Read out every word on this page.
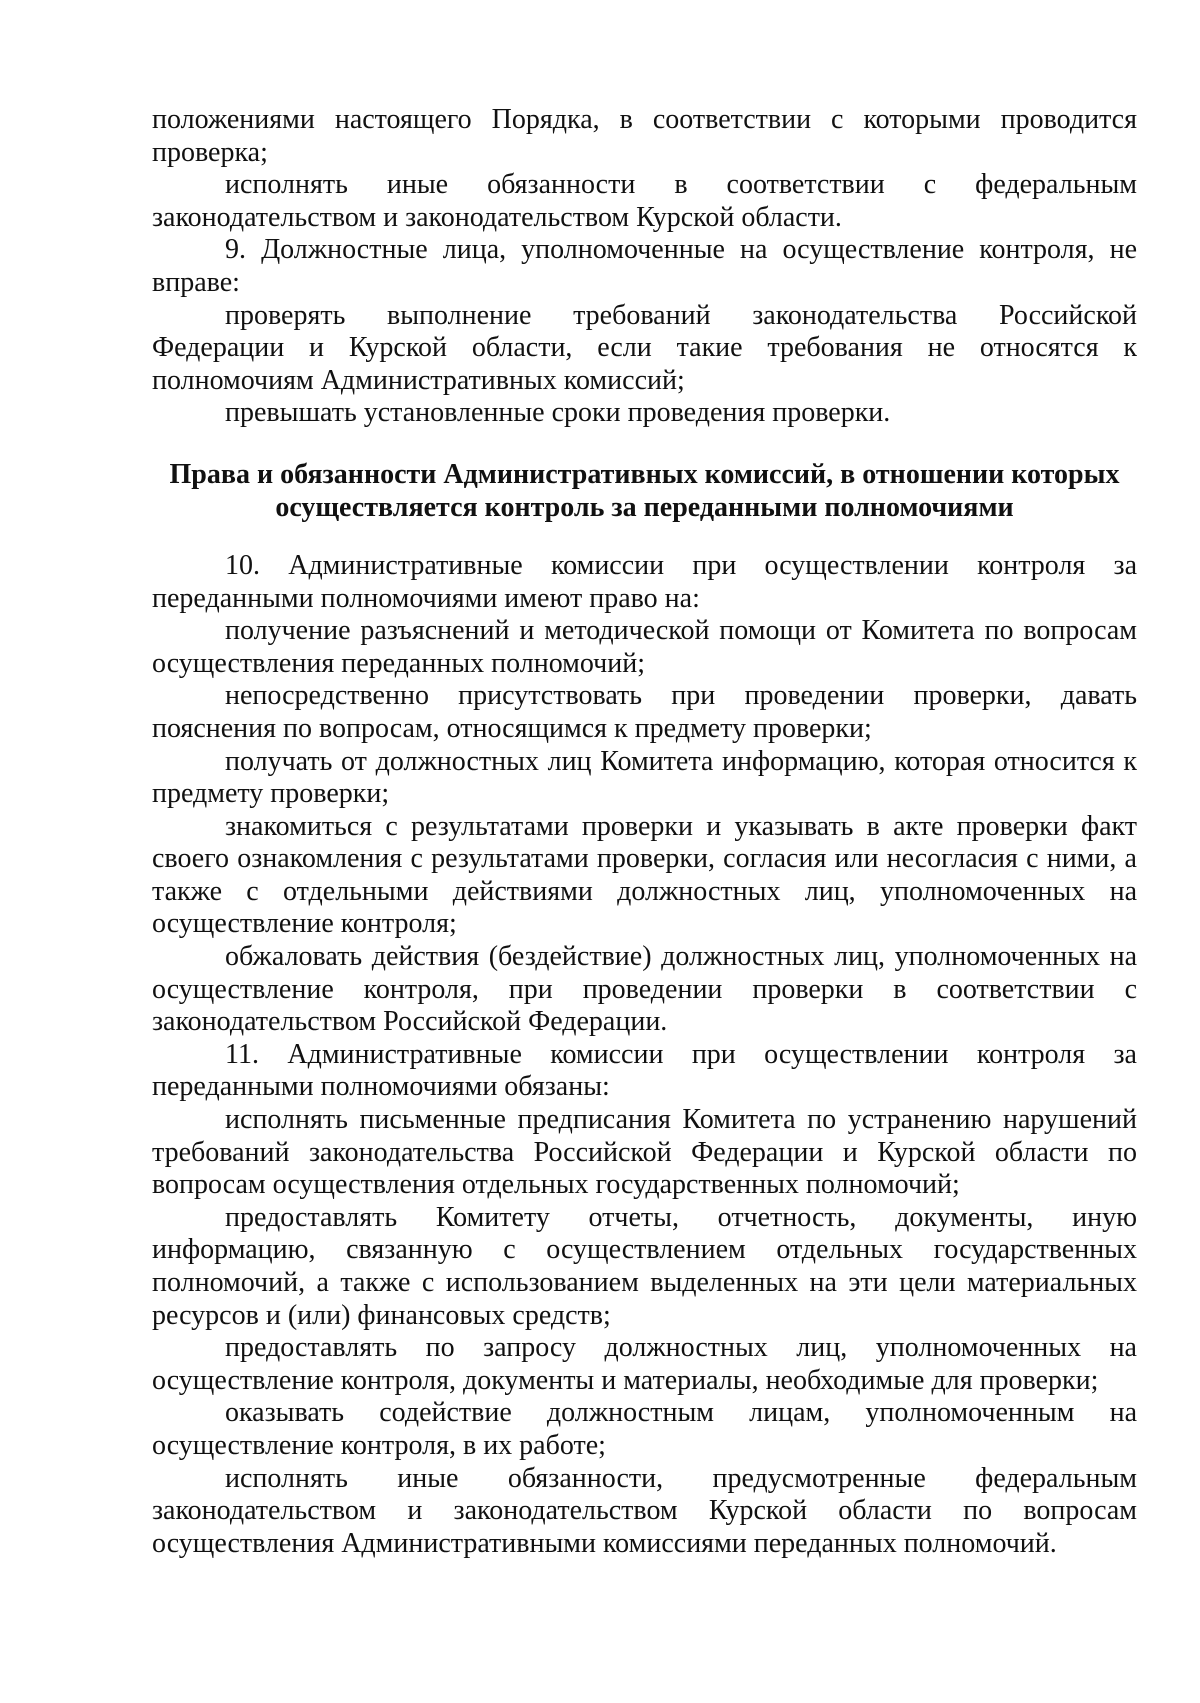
положениями настоящего Порядка, в соответствии с которыми проводится проверка;

исполнять иные обязанности в соответствии с федеральным законодательством и законодательством Курской области.

9. Должностные лица, уполномоченные на осуществление контроля, не вправе:

проверять выполнение требований законодательства Российской Федерации и Курской области, если такие требования не относятся к полномочиям Административных комиссий;

превышать установленные сроки проведения проверки.

Права и обязанности Административных комиссий, в отношении которых осуществляется контроль за переданными полномочиями

10. Административные комиссии при осуществлении контроля за переданными полномочиями имеют право на:

получение разъяснений и методической помощи от Комитета по вопросам осуществления переданных полномочий;

непосредственно присутствовать при проведении проверки, давать пояснения по вопросам, относящимся к предмету проверки;

получать от должностных лиц Комитета информацию, которая относится к предмету проверки;

знакомиться с результатами проверки и указывать в акте проверки факт своего ознакомления с результатами проверки, согласия или несогласия с ними, а также с отдельными действиями должностных лиц, уполномоченных на осуществление контроля;

обжаловать действия (бездействие) должностных лиц, уполномоченных на осуществление контроля, при проведении проверки в соответствии с законодательством Российской Федерации.

11. Административные комиссии при осуществлении контроля за переданными полномочиями обязаны:

исполнять письменные предписания Комитета по устранению нарушений требований законодательства Российской Федерации и Курской области по вопросам осуществления отдельных государственных полномочий;

предоставлять Комитету отчеты, отчетность, документы, иную информацию, связанную с осуществлением отдельных государственных полномочий, а также с использованием выделенных на эти цели материальных ресурсов и (или) финансовых средств;

предоставлять по запросу должностных лиц, уполномоченных на осуществление контроля, документы и материалы, необходимые для проверки;

оказывать содействие должностным лицам, уполномоченным на осуществление контроля, в их работе;

исполнять иные обязанности, предусмотренные федеральным законодательством и законодательством Курской области по вопросам осуществления Административными комиссиями переданных полномочий.
